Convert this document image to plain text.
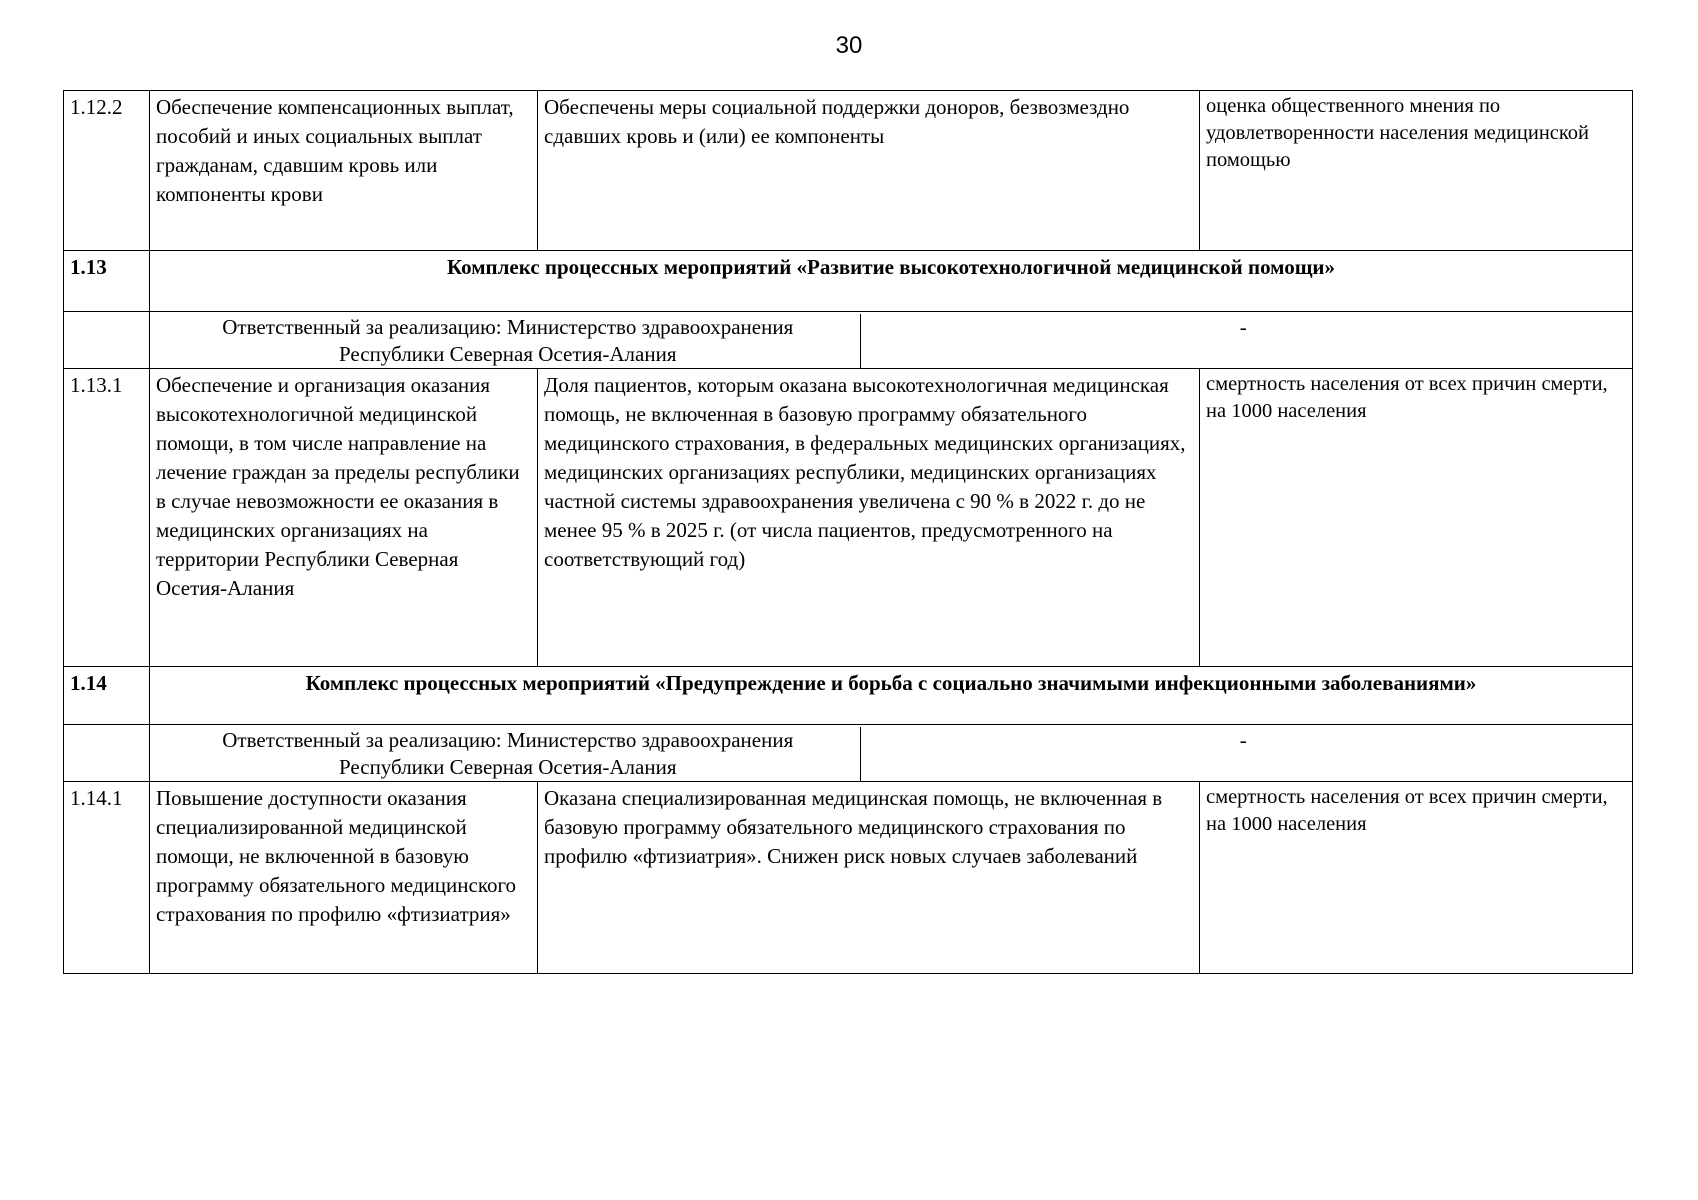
30
1.12.2	Обеспечение компенсационных выплат, пособий и иных социальных выплат гражданам, сдавшим кровь или компоненты крови	Обеспечены меры социальной поддержки доноров, безвозмездно сдавших кровь и (или) ее компоненты	оценка общественного мнения по удовлетворенности населения медицинской помощью
1.13	Комплекс процессных мероприятий «Развитие высокотехнологичной медицинской помощи»

Ответственный за реализацию: Министерство здравоохранения Республики Северная Осетия-Алания	-

1.13.1	Обеспечение и организация оказания высокотехнологичной медицинской помощи, в том числе направление на лечение граждан за пределы республики в случае невозможности ее оказания в медицинских организациях на территории Республики Северная Осетия-Алания	Доля пациентов, которым оказана высокотехнологичная медицинская помощь, не включенная в базовую программу обязательного медицинского страхования, в федеральных медицинских организациях, медицинских организациях республики, медицинских организациях частной системы здравоохранения увеличена с 90 % в 2022 г. до не менее 95 % в 2025 г. (от числа пациентов, предусмотренного на соответствующий год)	смертность населения от всех причин смерти, на 1000 населения
1.14	Комплекс процессных мероприятий «Предупреждение и борьба с социально значимыми инфекционными заболеваниями»

Ответственный за реализацию: Министерство здравоохранения Республики Северная Осетия-Алания	-

1.14.1	Повышение доступности оказания специализированной медицинской помощи, не включенной в базовую программу обязательного медицинского страхования по профилю «фтизиатрия»	Оказана специализированная медицинская помощь, не включенная в базовую программу обязательного медицинского страхования по профилю «фтизиатрия». Снижен риск новых случаев заболеваний	смертность населения от всех причин смерти, на 1000 населения
